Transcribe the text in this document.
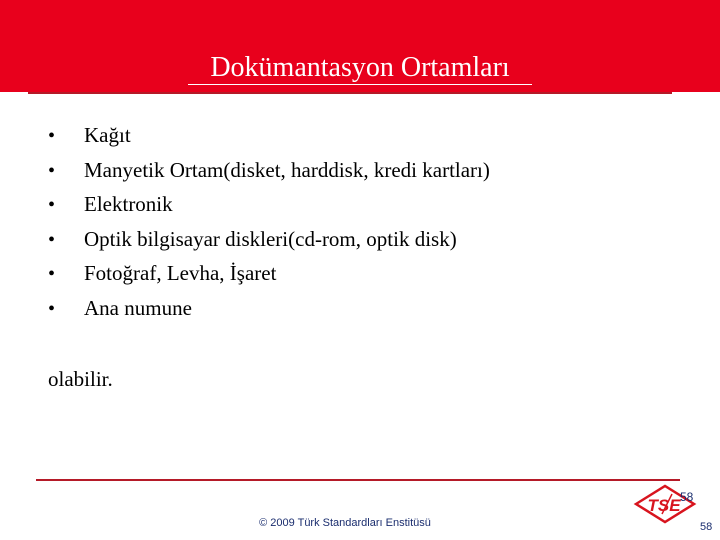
Dokümantasyon Ortamları
• Kağıt
• Manyetik Ortam(disket, harddisk, kredi kartları)
• Elektronik
• Optik bilgisayar diskleri(cd-rom, optik disk)
• Fotoğraf, Levha, İşaret
• Ana numune
olabilir.
© 2009 Türk Standardları Enstitüsü
TSE 58
58
